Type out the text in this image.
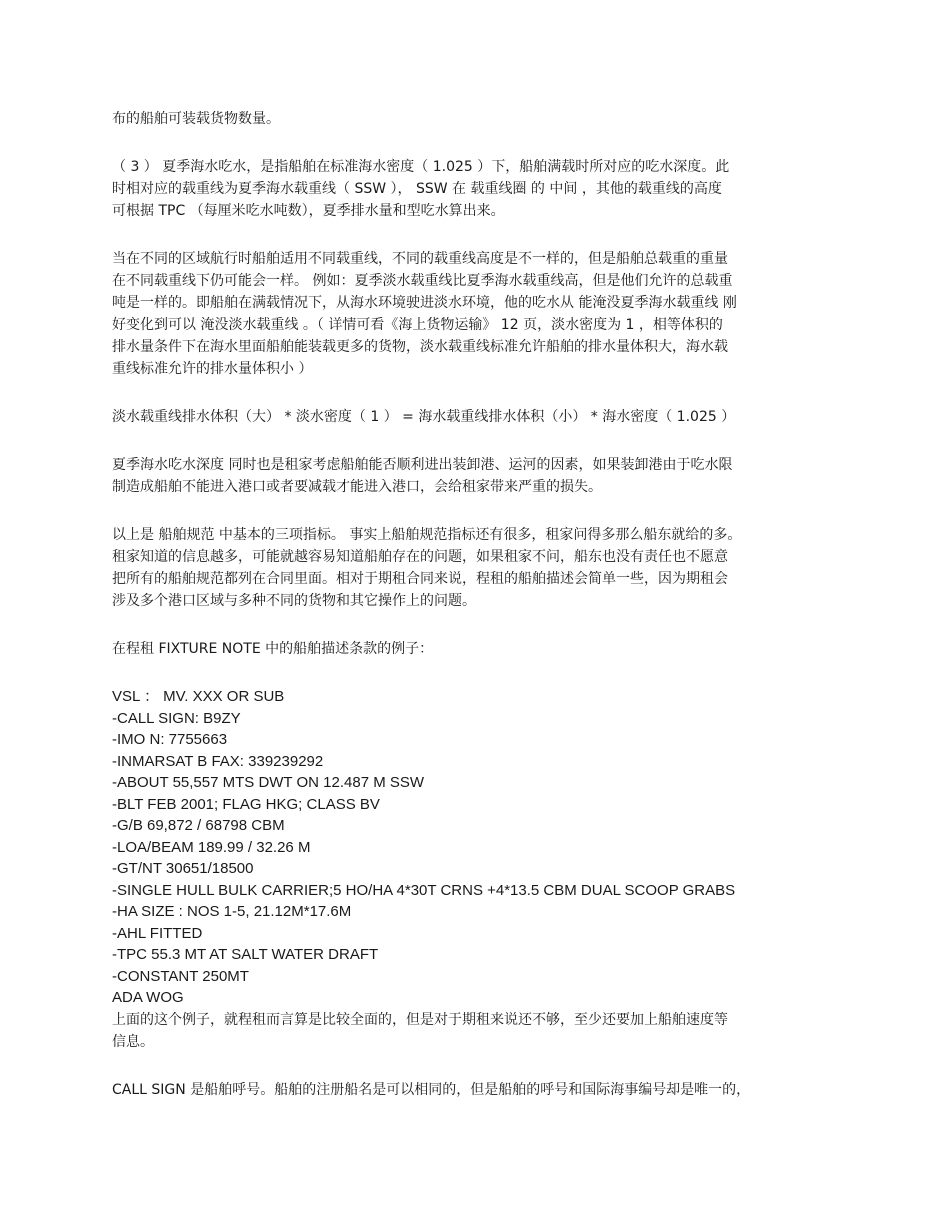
布的船舶可装载货物数量。

（ 3 ） 夏季海水吃水，是指船舶在标准海水密度（ 1.025 ）下，船舶满载时所对应的吃水深度。此
时相对应的载重线为夏季海水载重线（ SSW ）， SSW 在 载重线圈 的 中间 ，其他的载重线的高度
可根据 TPC （每厘米吃水吨数），夏季排水量和型吃水算出来。

当在不同的区域航行时船舶适用不同载重线，不同的载重线高度是不一样的，但是船舶总载重的重量
在不同载重线下仍可能会一样。 例如：夏季淡水载重线比夏季海水载重线高，但是他们允许的总载重
吨是一样的。即船舶在满载情况下，从海水环境驶进淡水环境，他的吃水从 能淹没夏季海水载重线 刚
好变化到可以 淹没淡水载重线 。（ 详情可看《海上货物运输》 12 页，淡水密度为 1 ，相等体积的
排水量条件下在海水里面船舶能装载更多的货物，淡水载重线标准允许船舶的排水量体积大，海水载
重线标准允许的排水量体积小 ）

淡水载重线排水体积（大） * 淡水密度（ 1 ） = 海水载重线排水体积（小） * 海水密度（ 1.025 ）

夏季海水吃水深度 同时也是租家考虑船舶能否顺利进出装卸港、运河的因素，如果装卸港由于吃水限
制造成船舶不能进入港口或者要减载才能进入港口，会给租家带来严重的损失。

以上是 船舶规范 中基本的三项指标。 事实上船舶规范指标还有很多，租家问得多那么船东就给的多。
租家知道的信息越多，可能就越容易知道船舶存在的问题，如果租家不问，船东也没有责任也不愿意
把所有的船舶规范都列在合同里面。相对于期租合同来说，程租的船舶描述会简单一些，因为期租会
涉及多个港口区域与多种不同的货物和其它操作上的问题。

在程租 FIXTURE NOTE 中的船舶描述条款的例子：

VSL ： MV. XXX OR SUB
-CALL SIGN: B9ZY
-IMO N: 7755663
-INMARSAT B FAX: 339239292
-ABOUT 55,557 MTS DWT ON 12.487 M SSW
-BLT FEB 2001; FLAG HKG; CLASS BV
-G/B 69,872 / 68798 CBM
-LOA/BEAM 189.99 / 32.26 M
-GT/NT 30651/18500
-SINGLE HULL BULK CARRIER;5 HO/HA 4*30T CRNS +4*13.5 CBM DUAL SCOOP GRABS
-HA SIZE : NOS 1-5, 21.12M*17.6M
-AHL FITTED
-TPC 55.3 MT AT SALT WATER DRAFT
-CONSTANT 250MT
ADA WOG

上面的这个例子，就程租而言算是比较全面的，但是对于期租来说还不够，至少还要加上船舶速度等
信息。

CALL SIGN 是船舶呼号。船舶的注册船名是可以相同的，但是船舶的呼号和国际海事编号却是唯一的，
